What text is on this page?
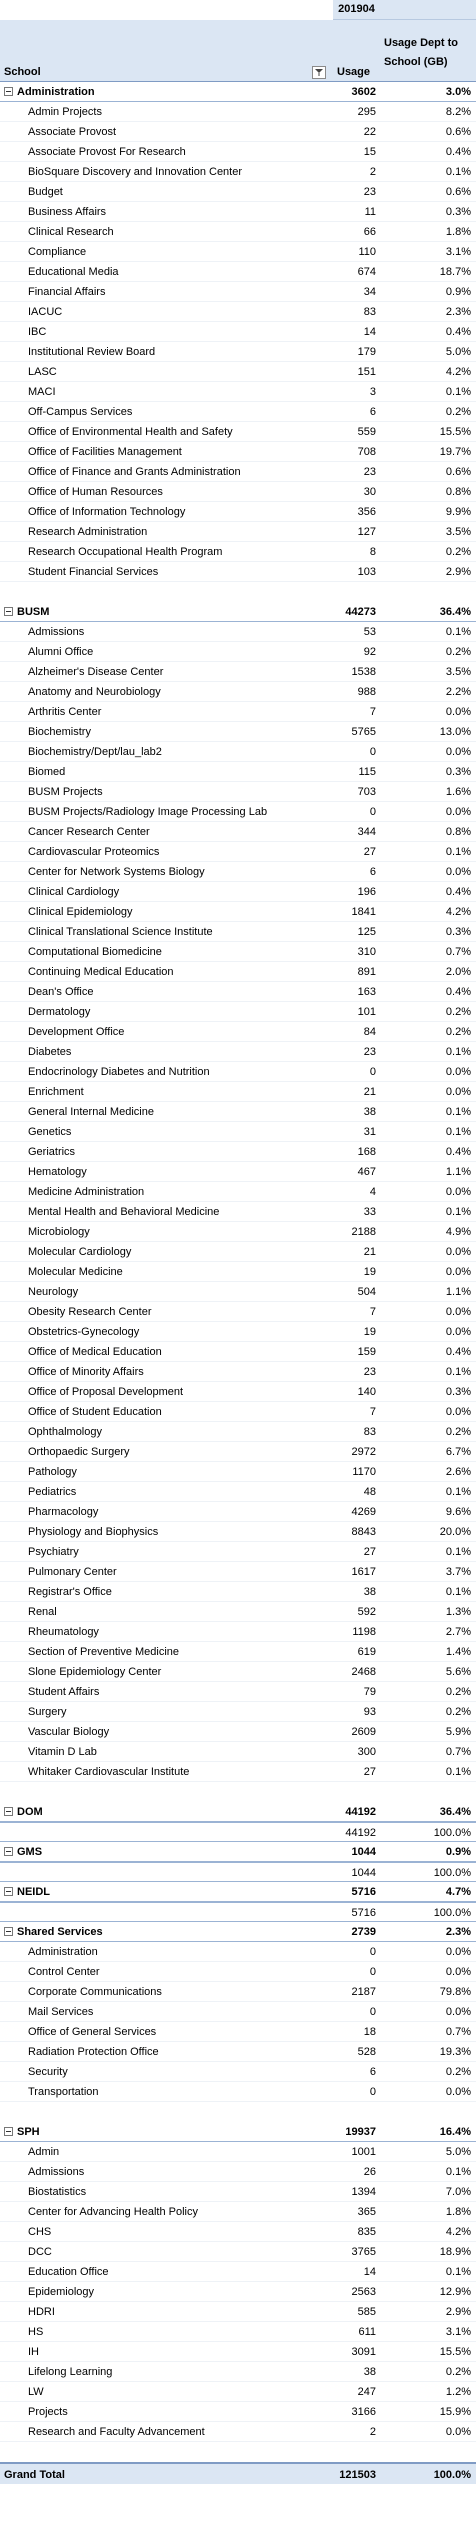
201904
School	Usage
Usage Dept to School (GB)
Administration	3602	3.0%
Admin Projects	295	8.2%
Associate Provost	22	0.6%
Associate Provost For Research	15	0.4%
BioSquare Discovery and Innovation Center	2	0.1%
Budget	23	0.6%
Business Affairs	11	0.3%
Clinical Research	66	1.8%
Compliance	110	3.1%
Educational Media	674	18.7%
Financial Affairs	34	0.9%
IACUC	83	2.3%
IBC	14	0.4%
Institutional Review Board	179	5.0%
LASC	151	4.2%
MACI	3	0.1%
Off-Campus Services	6	0.2%
Office of Environmental Health and Safety	559	15.5%
Office of Facilities Management	708	19.7%
Office of Finance and Grants Administration	23	0.6%
Office of Human Resources	30	0.8%
Office of Information Technology	356	9.9%
Research Administration	127	3.5%
Research Occupational Health Program	8	0.2%
Student Financial Services	103	2.9%
BUSM	44273	36.4%
Admissions	53	0.1%
Alumni Office	92	0.2%
Alzheimer's Disease Center	1538	3.5%
Anatomy and Neurobiology	988	2.2%
Arthritis Center	7	0.0%
Biochemistry	5765	13.0%
Biochemistry/Dept/lau_lab2	0	0.0%
Biomed	115	0.3%
BUSM Projects	703	1.6%
BUSM Projects/Radiology Image Processing Lab	0	0.0%
Cancer Research Center	344	0.8%
Cardiovascular Proteomics	27	0.1%
Center for Network Systems Biology	6	0.0%
Clinical Cardiology	196	0.4%
Clinical Epidemiology	1841	4.2%
Clinical Translational Science Institute	125	0.3%
Computational Biomedicine	310	0.7%
Continuing Medical Education	891	2.0%
Dean's Office	163	0.4%
Dermatology	101	0.2%
Development Office	84	0.2%
Diabetes	23	0.1%
Endocrinology Diabetes and Nutrition	0	0.0%
Enrichment	21	0.0%
General Internal Medicine	38	0.1%
Genetics	31	0.1%
Geriatrics	168	0.4%
Hematology	467	1.1%
Medicine Administration	4	0.0%
Mental Health and Behavioral Medicine	33	0.1%
Microbiology	2188	4.9%
Molecular Cardiology	21	0.0%
Molecular Medicine	19	0.0%
Neurology	504	1.1%
Obesity Research Center	7	0.0%
Obstetrics-Gynecology	19	0.0%
Office of Medical Education	159	0.4%
Office of Minority Affairs	23	0.1%
Office of Proposal Development	140	0.3%
Office of Student Education	7	0.0%
Ophthalmology	83	0.2%
Orthopaedic Surgery	2972	6.7%
Pathology	1170	2.6%
Pediatrics	48	0.1%
Pharmacology	4269	9.6%
Physiology and Biophysics	8843	20.0%
Psychiatry	27	0.1%
Pulmonary Center	1617	3.7%
Registrar's Office	38	0.1%
Renal	592	1.3%
Rheumatology	1198	2.7%
Section of Preventive Medicine	619	1.4%
Slone Epidemiology Center	2468	5.6%
Student Affairs	79	0.2%
Surgery	93	0.2%
Vascular Biology	2609	5.9%
Vitamin D Lab	300	0.7%
Whitaker Cardiovascular Institute	27	0.1%
DOM	44192	36.4%
44192	100.0%
GMS	1044	0.9%
1044	100.0%
NEIDL	5716	4.7%
5716	100.0%
Shared Services	2739	2.3%
Administration	0	0.0%
Control Center	0	0.0%
Corporate Communications	2187	79.8%
Mail Services	0	0.0%
Office of General Services	18	0.7%
Radiation Protection Office	528	19.3%
Security	6	0.2%
Transportation	0	0.0%
SPH	19937	16.4%
Admin	1001	5.0%
Admissions	26	0.1%
Biostatistics	1394	7.0%
Center for Advancing Health Policy	365	1.8%
CHS	835	4.2%
DCC	3765	18.9%
Education Office	14	0.1%
Epidemiology	2563	12.9%
HDRI	585	2.9%
HS	611	3.1%
IH	3091	15.5%
Lifelong Learning	38	0.2%
LW	247	1.2%
Projects	3166	15.9%
Research and Faculty Advancement	2	0.0%
Grand Total	121503	100.0%
